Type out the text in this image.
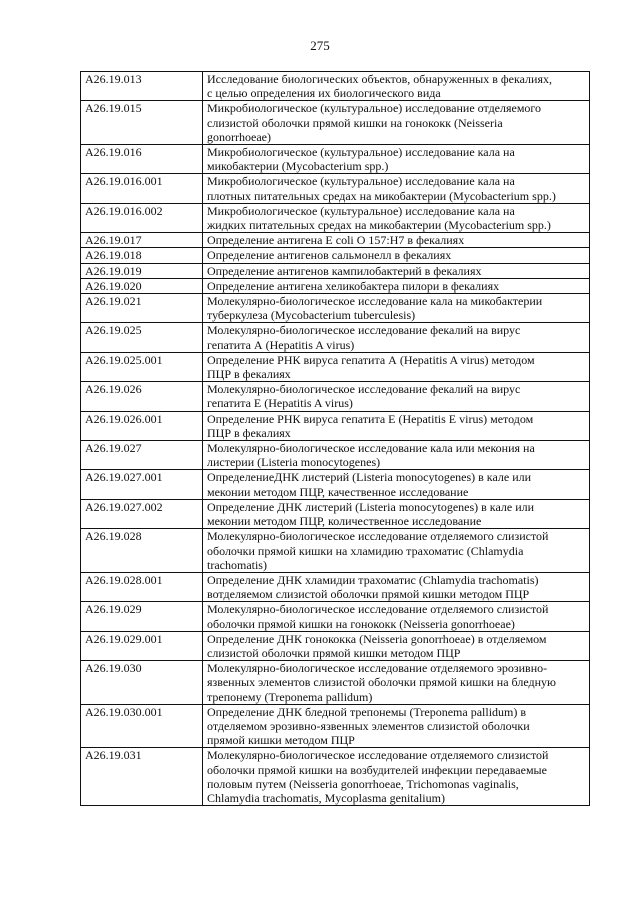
275
A26.19.013	Исследование биологических объектов, обнаруженных в фекалиях,
с целью определения их биологического вида

A26.19.015	Микробиологическое (культуральное) исследование отделяемого
слизистой оболочки прямой кишки на гонококк (Neisseria
gonorrhoeae)

A26.19.016	Микробиологическое (культуральное) исследование кала на
микобактерии (Mycobacterium spp.)

A26.19.016.001	Микробиологическое (культуральное) исследование кала на
плотных питательных средах на микобактерии (Mycobacterium spp.)

A26.19.016.002	Микробиологическое (культуральное) исследование кала на
жидких питательных средах на микобактерии (Mycobacterium spp.)

A26.19.017	Определение антигена E coli O 157:H7 в фекалиях

A26.19.018	Определение антигенов сальмонелл в фекалиях

A26.19.019	Определение антигенов кампилобактерий в фекалиях

A26.19.020	Определение антигена хеликобактера пилори в фекалиях

A26.19.021	Молекулярно-биологическое исследование кала на микобактерии
туберкулеза (Mycobacterium tuberculesis)

A26.19.025	Молекулярно-биологическое исследование фекалий на вирус
гепатита А (Hepatitis A virus)

A26.19.025.001	Определение РНК вируса гепатита А (Hepatitis A virus) методом
ПЦР в фекалиях

A26.19.026	Молекулярно-биологическое исследование фекалий на вирус
гепатита Е (Hepatitis A virus)

A26.19.026.001	Определение РНК вируса гепатита Е (Hepatitis E virus) методом
ПЦР в фекалиях

A26.19.027	Молекулярно-биологическое исследование кала или мекония на
листерии (Listeria monocytogenes)

A26.19.027.001	ОпределениеДНК листерий (Listeria monocytogenes) в кале или
меконии методом ПЦР, качественное исследование

A26.19.027.002	Определение ДНК листерий (Listeria monocytogenes) в кале или
меконии методом ПЦР, количественное исследование

A26.19.028	Молекулярно-биологическое исследование отделяемого слизистой
оболочки прямой кишки на хламидию трахоматис (Chlamydia
trachomatis)

A26.19.028.001	Определение ДНК хламидии трахоматис (Chlamydia trachomatis)
вотделяемом слизистой оболочки прямой кишки методом ПЦР

A26.19.029	Молекулярно-биологическое исследование отделяемого слизистой
оболочки прямой кишки на гонококк (Neisseria gonorrhoeae)

A26.19.029.001	Определение ДНК гонококка (Neisseria gonorrhoeae) в отделяемом
слизистой оболочки прямой кишки методом ПЦР

A26.19.030	Молекулярно-биологическое исследование отделяемого эрозивно-
язвенных элементов слизистой оболочки прямой кишки на бледную
трепонему (Treponema pallidum)

A26.19.030.001	Определение ДНК бледной трепонемы (Treponema pallidum) в
отделяемом эрозивно-язвенных элементов слизистой оболочки
прямой кишки методом ПЦР

A26.19.031	Молекулярно-биологическое исследование отделяемого слизистой
оболочки прямой кишки на возбудителей инфекции передаваемые
половым путем (Neisseria gonorrhoeae, Trichomonas vaginalis,
Chlamydia trachomatis, Mycoplasma genitalium)
